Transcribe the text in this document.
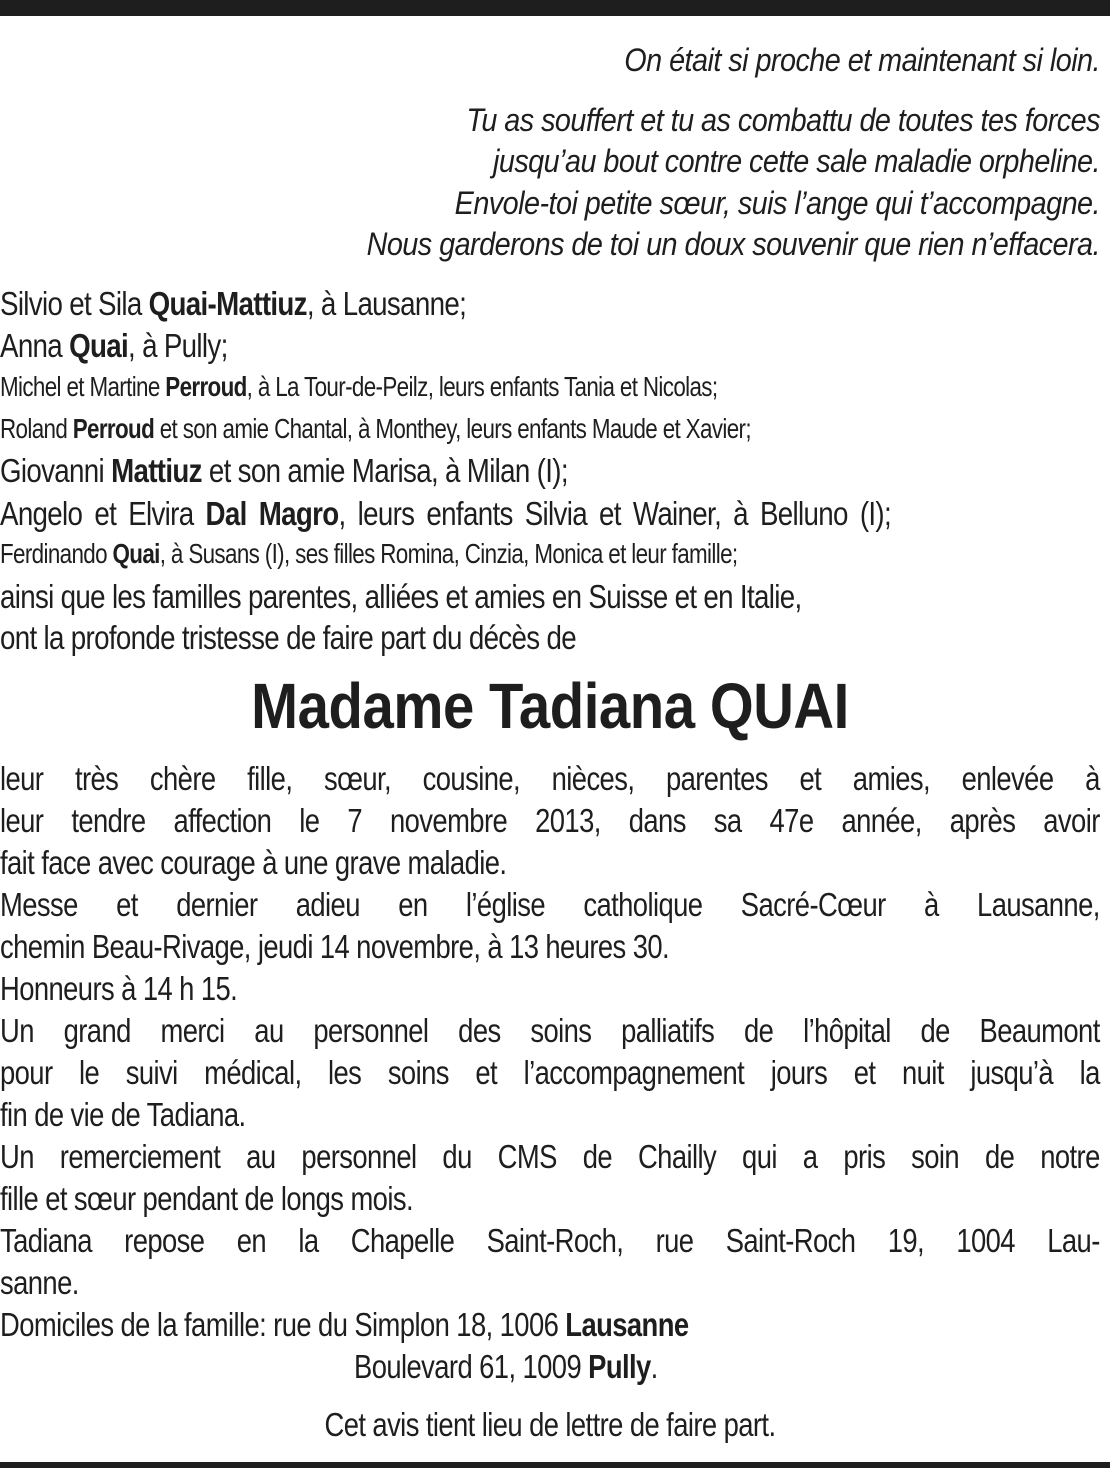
On était si proche et maintenant si loin.
Tu as souffert et tu as combattu de toutes tes forces
jusqu’au bout contre cette sale maladie orpheline.
Envole-toi petite sœur, suis l’ange qui t’accompagne.
Nous garderons de toi un doux souvenir que rien n’effacera.
Silvio et Sila Quai-Mattiuz, à Lausanne;
Anna Quai, à Pully;
Michel et Martine Perroud, à La Tour-de-Peilz, leurs enfants Tania et Nicolas;
Roland Perroud et son amie Chantal, à Monthey, leurs enfants Maude et Xavier;
Giovanni Mattiuz et son amie Marisa, à Milan (I);
Angelo et Elvira Dal Magro, leurs enfants Silvia et Wainer, à Belluno (I);
Ferdinando Quai, à Susans (I), ses filles Romina, Cinzia, Monica et leur famille;
ainsi que les familles parentes, alliées et amies en Suisse et en Italie,
ont la profonde tristesse de faire part du décès de
Madame Tadiana QUAI
leur très chère fille, sœur, cousine, nièces, parentes et amies, enlevée à
leur tendre affection le 7 novembre 2013, dans sa 47e année, après avoir
fait face avec courage à une grave maladie.
Messe et dernier adieu en l’église catholique Sacré-Cœur à Lausanne,
chemin Beau-Rivage, jeudi 14 novembre, à 13 heures 30.
Honneurs à 14 h 15.
Un grand merci au personnel des soins palliatifs de l’hôpital de Beaumont
pour le suivi médical, les soins et l’accompagnement jours et nuit jusqu’à la
fin de vie de Tadiana.
Un remerciement au personnel du CMS de Chailly qui a pris soin de notre
fille et sœur pendant de longs mois.
Tadiana repose en la Chapelle Saint-Roch, rue Saint-Roch 19, 1004 Lau-
sanne.
Domiciles de la famille: rue du Simplon 18, 1006 Lausanne
Boulevard 61, 1009 Pully.
Cet avis tient lieu de lettre de faire part.
